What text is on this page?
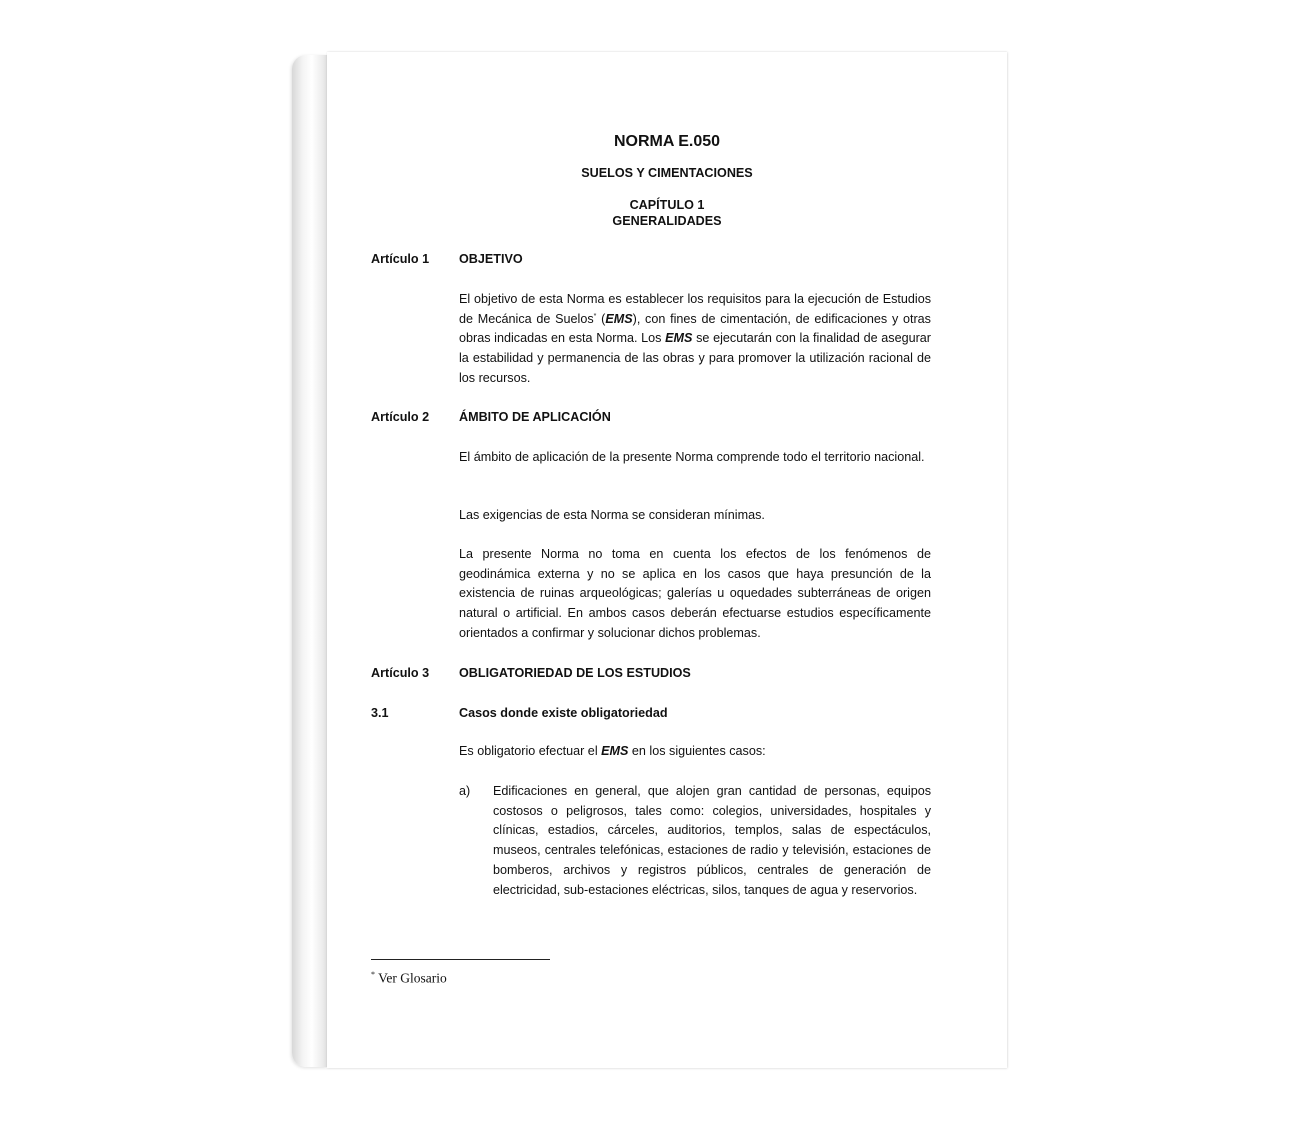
NORMA E.050
SUELOS Y CIMENTACIONES
CAPÍTULO 1
GENERALIDADES
Artículo 1 OBJETIVO

El objetivo de esta Norma es establecer los requisitos para la ejecución de Estudios de Mecánica de Suelos* (EMS), con fines de cimentación, de edificaciones y otras obras indicadas en esta Norma. Los EMS se ejecutarán con la finalidad de asegurar la estabilidad y permanencia de las obras y para promover la utilización racional de los recursos.

Artículo 2 ÁMBITO DE APLICACIÓN

El ámbito de aplicación de la presente Norma comprende todo el territorio nacional.

Las exigencias de esta Norma se consideran mínimas.

La presente Norma no toma en cuenta los efectos de los fenómenos de geodinámica externa y no se aplica en los casos que haya presunción de la existencia de ruinas arqueológicas; galerías u oquedades subterráneas de origen natural o artificial. En ambos casos deberán efectuarse estudios específicamente orientados a confirmar y solucionar dichos problemas.

Artículo 3 OBLIGATORIEDAD DE LOS ESTUDIOS
3.1	Casos donde existe obligatoriedad

Es obligatorio efectuar el EMS en los siguientes casos:

a) Edificaciones en general, que alojen gran cantidad de personas, equipos costosos o peligrosos, tales como: colegios, universidades, hospitales y clínicas, estadios, cárceles, auditorios, templos, salas de espectáculos, museos, centrales telefónicas, estaciones de radio y televisión, estaciones de bomberos, archivos y registros públicos, centrales de generación de electricidad, sub-estaciones eléctricas, silos, tanques de agua y reservorios.

* Ver Glosario
